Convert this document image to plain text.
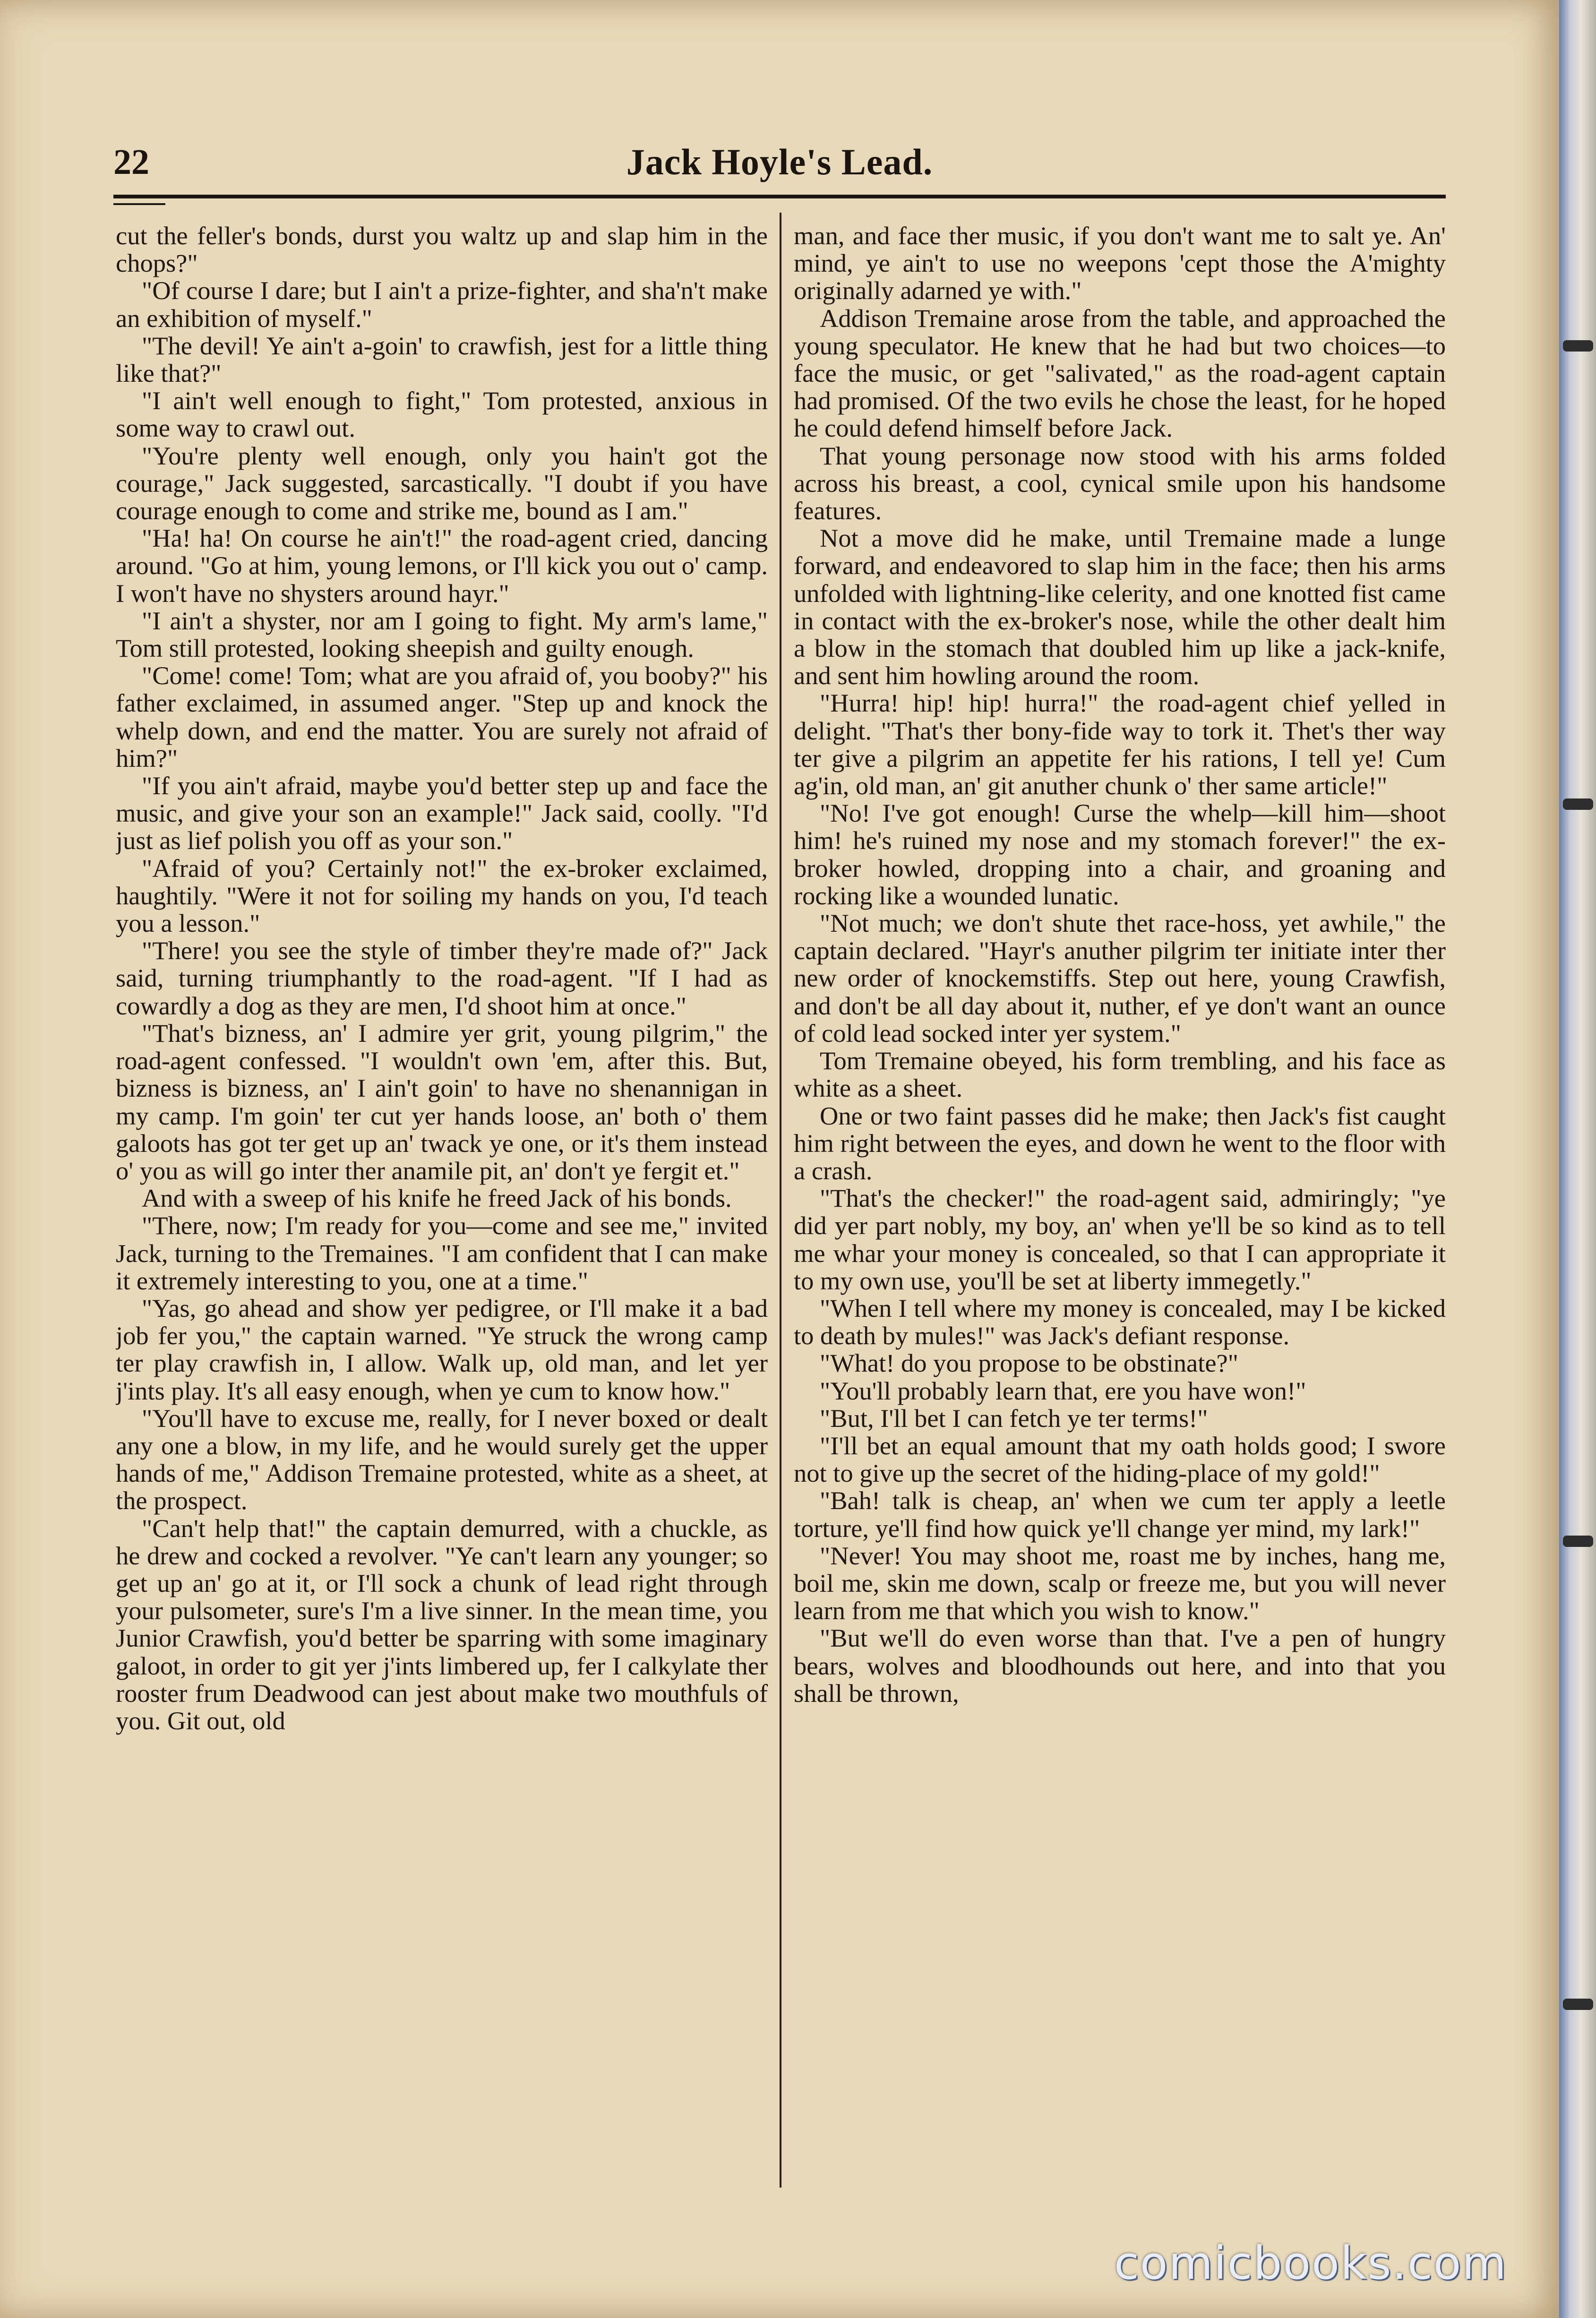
22	Jack Hoyle's Lead.

cut the feller's bonds, durst you waltz up and slap him in the chops?"

"Of course I dare; but I ain't a prize-fighter, and sha'n't make an exhibition of myself."

"The devil! Ye ain't a-goin' to crawfish, jest for a little thing like that?"

"I ain't well enough to fight," Tom protested, anxious in some way to crawl out.

"You're plenty well enough, only you hain't got the courage," Jack suggested, sarcastically. "I doubt if you have courage enough to come and strike me, bound as I am."

"Ha! ha! On course he ain't!" the road-agent cried, dancing around. "Go at him, young lemons, or I'll kick you out o' camp. I won't have no shysters around hayr."

"I ain't a shyster, nor am I going to fight. My arm's lame," Tom still protested, looking sheepish and guilty enough.

"Come! come! Tom; what are you afraid of, you booby?" his father exclaimed, in assumed anger. "Step up and knock the whelp down, and end the matter. You are surely not afraid of him?"

"If you ain't afraid, maybe you'd better step up and face the music, and give your son an example!" Jack said, coolly. "I'd just as lief polish you off as your son."

"Afraid of you? Certainly not!" the ex-broker exclaimed, haughtily. "Were it not for soiling my hands on you, I'd teach you a lesson."

"There! you see the style of timber they're made of?" Jack said, turning triumphantly to the road-agent. "If I had as cowardly a dog as they are men, I'd shoot him at once."

"That's bizness, an' I admire yer grit, young pilgrim," the road-agent confessed. "I wouldn't own 'em, after this. But, bizness is bizness, an' I ain't goin' to have no shenannigan in my camp. I'm goin' ter cut yer hands loose, an' both o' them galoots has got ter get up an' twack ye one, or it's them instead o' you as will go inter ther anamile pit, an' don't ye fergit et."

And with a sweep of his knife he freed Jack of his bonds.

"There, now; I'm ready for you—come and see me," invited Jack, turning to the Tremaines. "I am confident that I can make it extremely interesting to you, one at a time."

"Yas, go ahead and show yer pedigree, or I'll make it a bad job fer you," the captain warned. "Ye struck the wrong camp ter play crawfish in, I allow. Walk up, old man, and let yer j'ints play. It's all easy enough, when ye cum to know how."

"You'll have to excuse me, really, for I never boxed or dealt any one a blow, in my life, and he would surely get the upper hands of me," Addison Tremaine protested, white as a sheet, at the prospect.

"Can't help that!" the captain demurred, with a chuckle, as he drew and cocked a revolver. "Ye can't learn any younger; so get up an' go at it, or I'll sock a chunk of lead right through your pulsometer, sure's I'm a live sinner. In the mean time, you Junior Crawfish, you'd better be sparring with some imaginary galoot, in order to git yer j'ints limbered up, fer I calkylate ther rooster frum Deadwood can jest about make two mouthfuls of you. Git out, old

man, and face ther music, if you don't want me to salt ye. An' mind, ye ain't to use no weepons 'cept those the A'mighty originally adarned ye with."

Addison Tremaine arose from the table, and approached the young speculator. He knew that he had but two choices—to face the music, or get "salivated," as the road-agent captain had promised. Of the two evils he chose the least, for he hoped he could defend himself before Jack.

That young personage now stood with his arms folded across his breast, a cool, cynical smile upon his handsome features.

Not a move did he make, until Tremaine made a lunge forward, and endeavored to slap him in the face; then his arms unfolded with lightning-like celerity, and one knotted fist came in contact with the ex-broker's nose, while the other dealt him a blow in the stomach that doubled him up like a jack-knife, and sent him howling around the room.

"Hurra! hip! hip! hurra!" the road-agent chief yelled in delight. "That's ther bony-fide way to tork it. Thet's ther way ter give a pilgrim an appetite fer his rations, I tell ye! Cum ag'in, old man, an' git anuther chunk o' ther same article!"

"No! I've got enough! Curse the whelp—kill him—shoot him! he's ruined my nose and my stomach forever!" the ex-broker howled, dropping into a chair, and groaning and rocking like a wounded lunatic.

"Not much; we don't shute thet race-hoss, yet awhile," the captain declared. "Hayr's anuther pilgrim ter initiate inter ther new order of knockemstiffs. Step out here, young Crawfish, and don't be all day about it, nuther, ef ye don't want an ounce of cold lead socked inter yer system."

Tom Tremaine obeyed, his form trembling, and his face as white as a sheet.

One or two faint passes did he make; then Jack's fist caught him right between the eyes, and down he went to the floor with a crash.

"That's the checker!" the road-agent said, admiringly; "ye did yer part nobly, my boy, an' when ye'll be so kind as to tell me whar your money is concealed, so that I can appropriate it to my own use, you'll be set at liberty immegetly."

"When I tell where my money is concealed, may I be kicked to death by mules!" was Jack's defiant response.

"What! do you propose to be obstinate?"

"You'll probably learn that, ere you have won!"

"But, I'll bet I can fetch ye ter terms!"

"I'll bet an equal amount that my oath holds good; I swore not to give up the secret of the hiding-place of my gold!"

"Bah! talk is cheap, an' when we cum ter apply a leetle torture, ye'll find how quick ye'll change yer mind, my lark!"

"Never! You may shoot me, roast me by inches, hang me, boil me, skin me down, scalp or freeze me, but you will never learn from me that which you wish to know."

"But we'll do even worse than that. I've a pen of hungry bears, wolves and bloodhounds out here, and into that you shall be thrown,

comicbooks.com
